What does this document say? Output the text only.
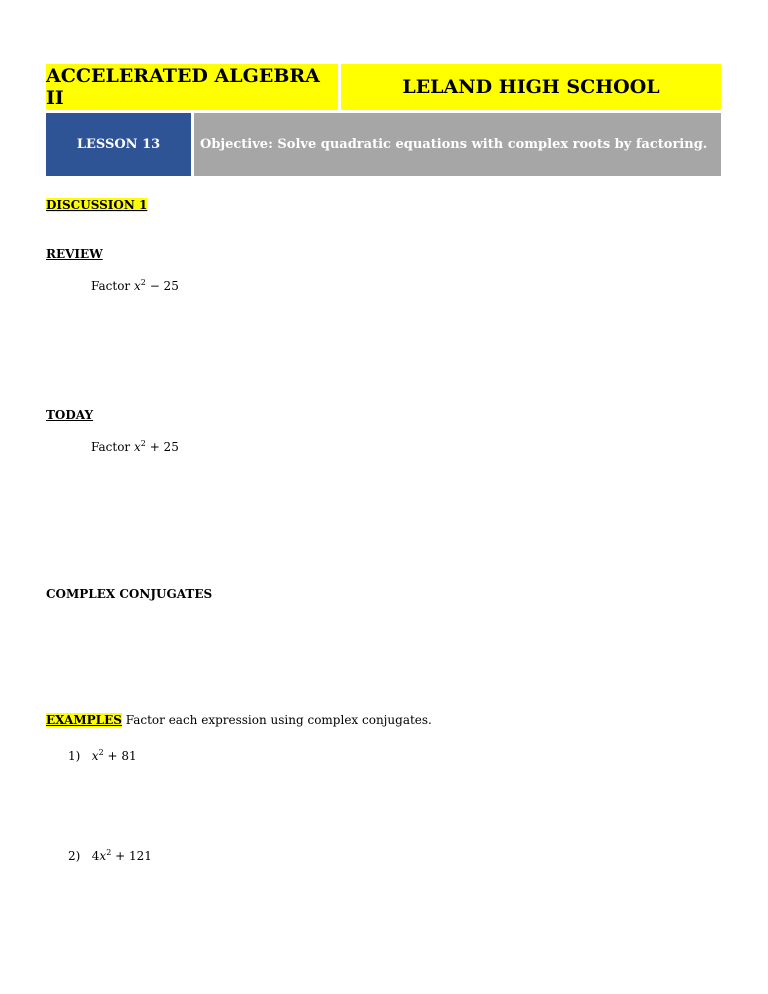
ACCELERATED ALGEBRA II	LELAND HIGH SCHOOL
LESSON 13	Objective: Solve quadratic equations with complex roots by factoring.
DISCUSSION 1
REVIEW
Factor $x^2 - 25$
TODAY
Factor $x^2 + 25$
COMPLEX CONJUGATES
EXAMPLES Factor each expression using complex conjugates.
1) $x^2 + 81$
2) $4x^2 + 121$
